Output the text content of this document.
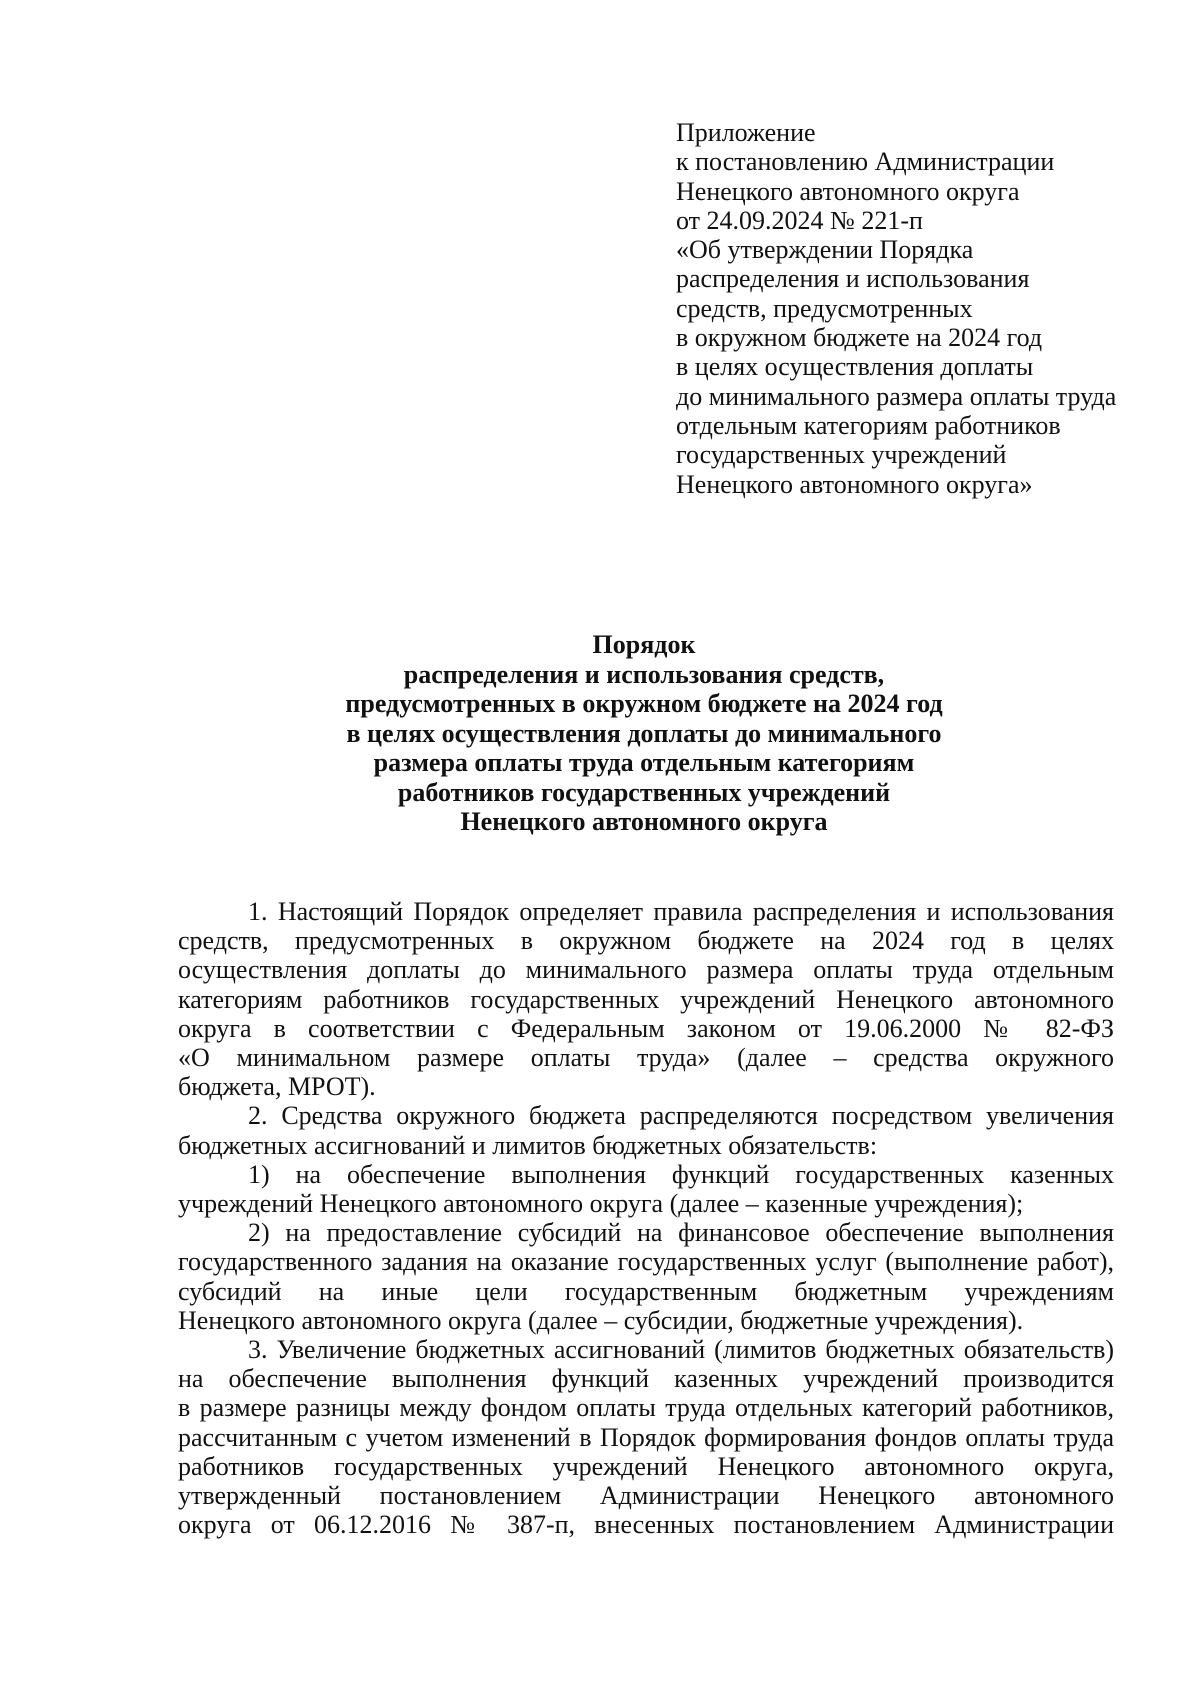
Приложение
к постановлению Администрации
Ненецкого автономного округа
от 24.09.2024 № 221-п
«Об утверждении Порядка
распределения и использования
средств, предусмотренных
в окружном бюджете на 2024 год
в целях осуществления доплаты
до минимального размера оплаты труда
отдельным категориям работников
государственных учреждений
Ненецкого автономного округа»
Порядок
распределения и использования средств,
предусмотренных в окружном бюджете на 2024 год
в целях осуществления доплаты до минимального
размера оплаты труда отдельным категориям
работников государственных учреждений
Ненецкого автономного округа
1. Настоящий Порядок определяет правила распределения и использования
средств, предусмотренных в окружном бюджете на 2024 год в целях
осуществления доплаты до минимального размера оплаты труда отдельным
категориям работников государственных учреждений Ненецкого автономного
округа в соответствии с Федеральным законом от 19.06.2000 № 82-ФЗ
«О минимальном размере оплаты труда» (далее – средства окружного
бюджета, МРОТ).
2. Средства окружного бюджета распределяются посредством увеличения
бюджетных ассигнований и лимитов бюджетных обязательств:
1) на обеспечение выполнения функций государственных казенных
учреждений Ненецкого автономного округа (далее – казенные учреждения);
2) на предоставление субсидий на финансовое обеспечение выполнения
государственного задания на оказание государственных услуг (выполнение работ),
субсидий на иные цели государственным бюджетным учреждениям
Ненецкого автономного округа (далее – субсидии, бюджетные учреждения).
3. Увеличение бюджетных ассигнований (лимитов бюджетных обязательств)
на обеспечение выполнения функций казенных учреждений производится
в размере разницы между фондом оплаты труда отдельных категорий работников,
рассчитанным с учетом изменений в Порядок формирования фондов оплаты труда
работников государственных учреждений Ненецкого автономного округа,
утвержденный постановлением Администрации Ненецкого автономного
округа от 06.12.2016 № 387-п, внесенных постановлением Администрации
